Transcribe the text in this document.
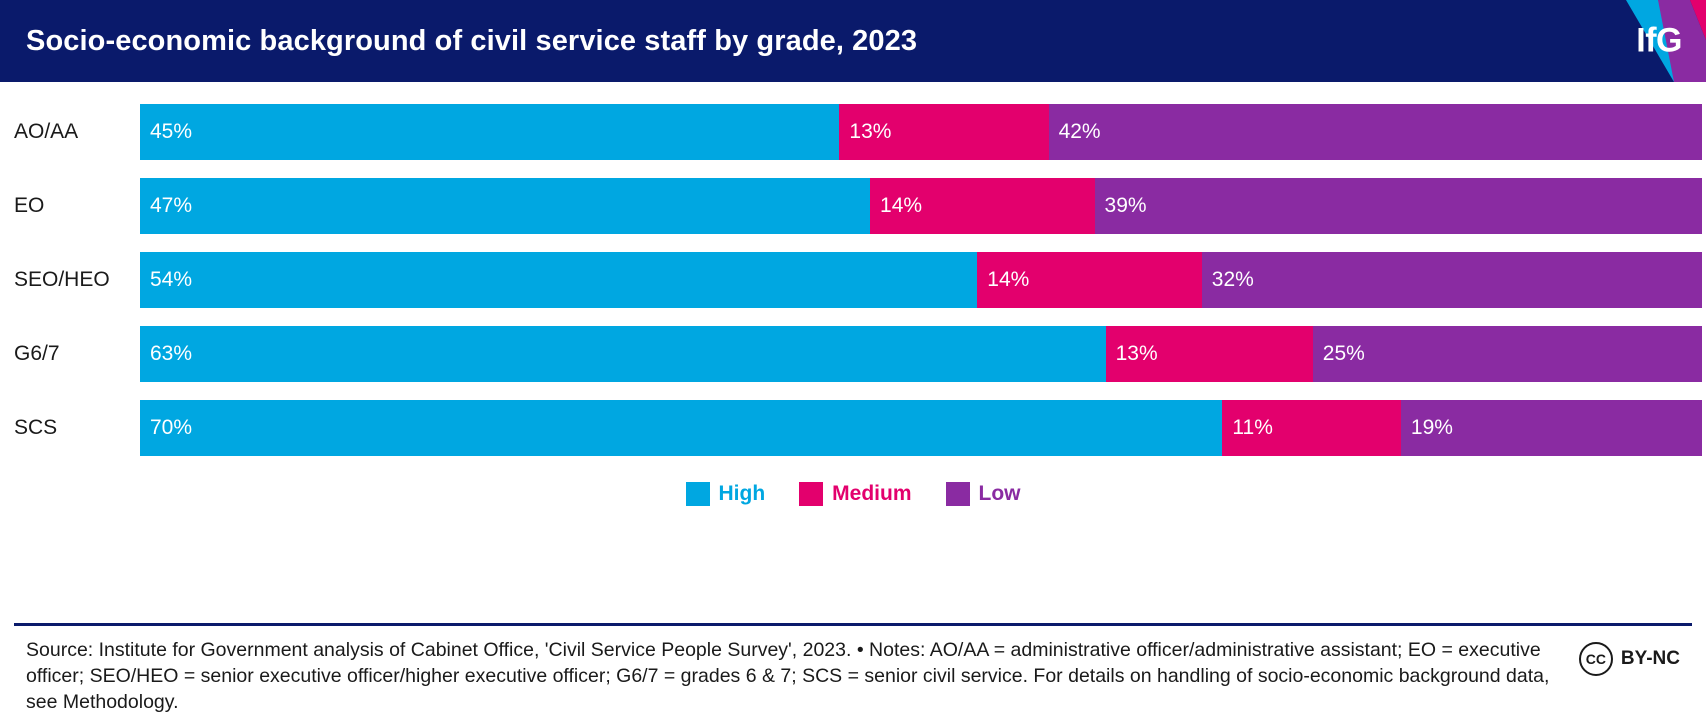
Socio-economic background of civil service staff by grade, 2023	IfG
AO/AA	45%	13%	42%
EO	47%	14%	39%
SEO/HEO	54%	14%	32%
G6/7	63%	13%	25%
SCS	70%	11%	19%
High	Medium	Low
Source: Institute for Government analysis of Cabinet Office, 'Civil Service People Survey', 2023. • Notes: AO/AA = administrative officer/administrative assistant; EO = executive officer; SEO/HEO = senior executive officer/higher executive officer; G6/7 = grades 6 & 7; SCS = senior civil service. For details on handling of socio-economic background data, see Methodology.
CC BY-NC
